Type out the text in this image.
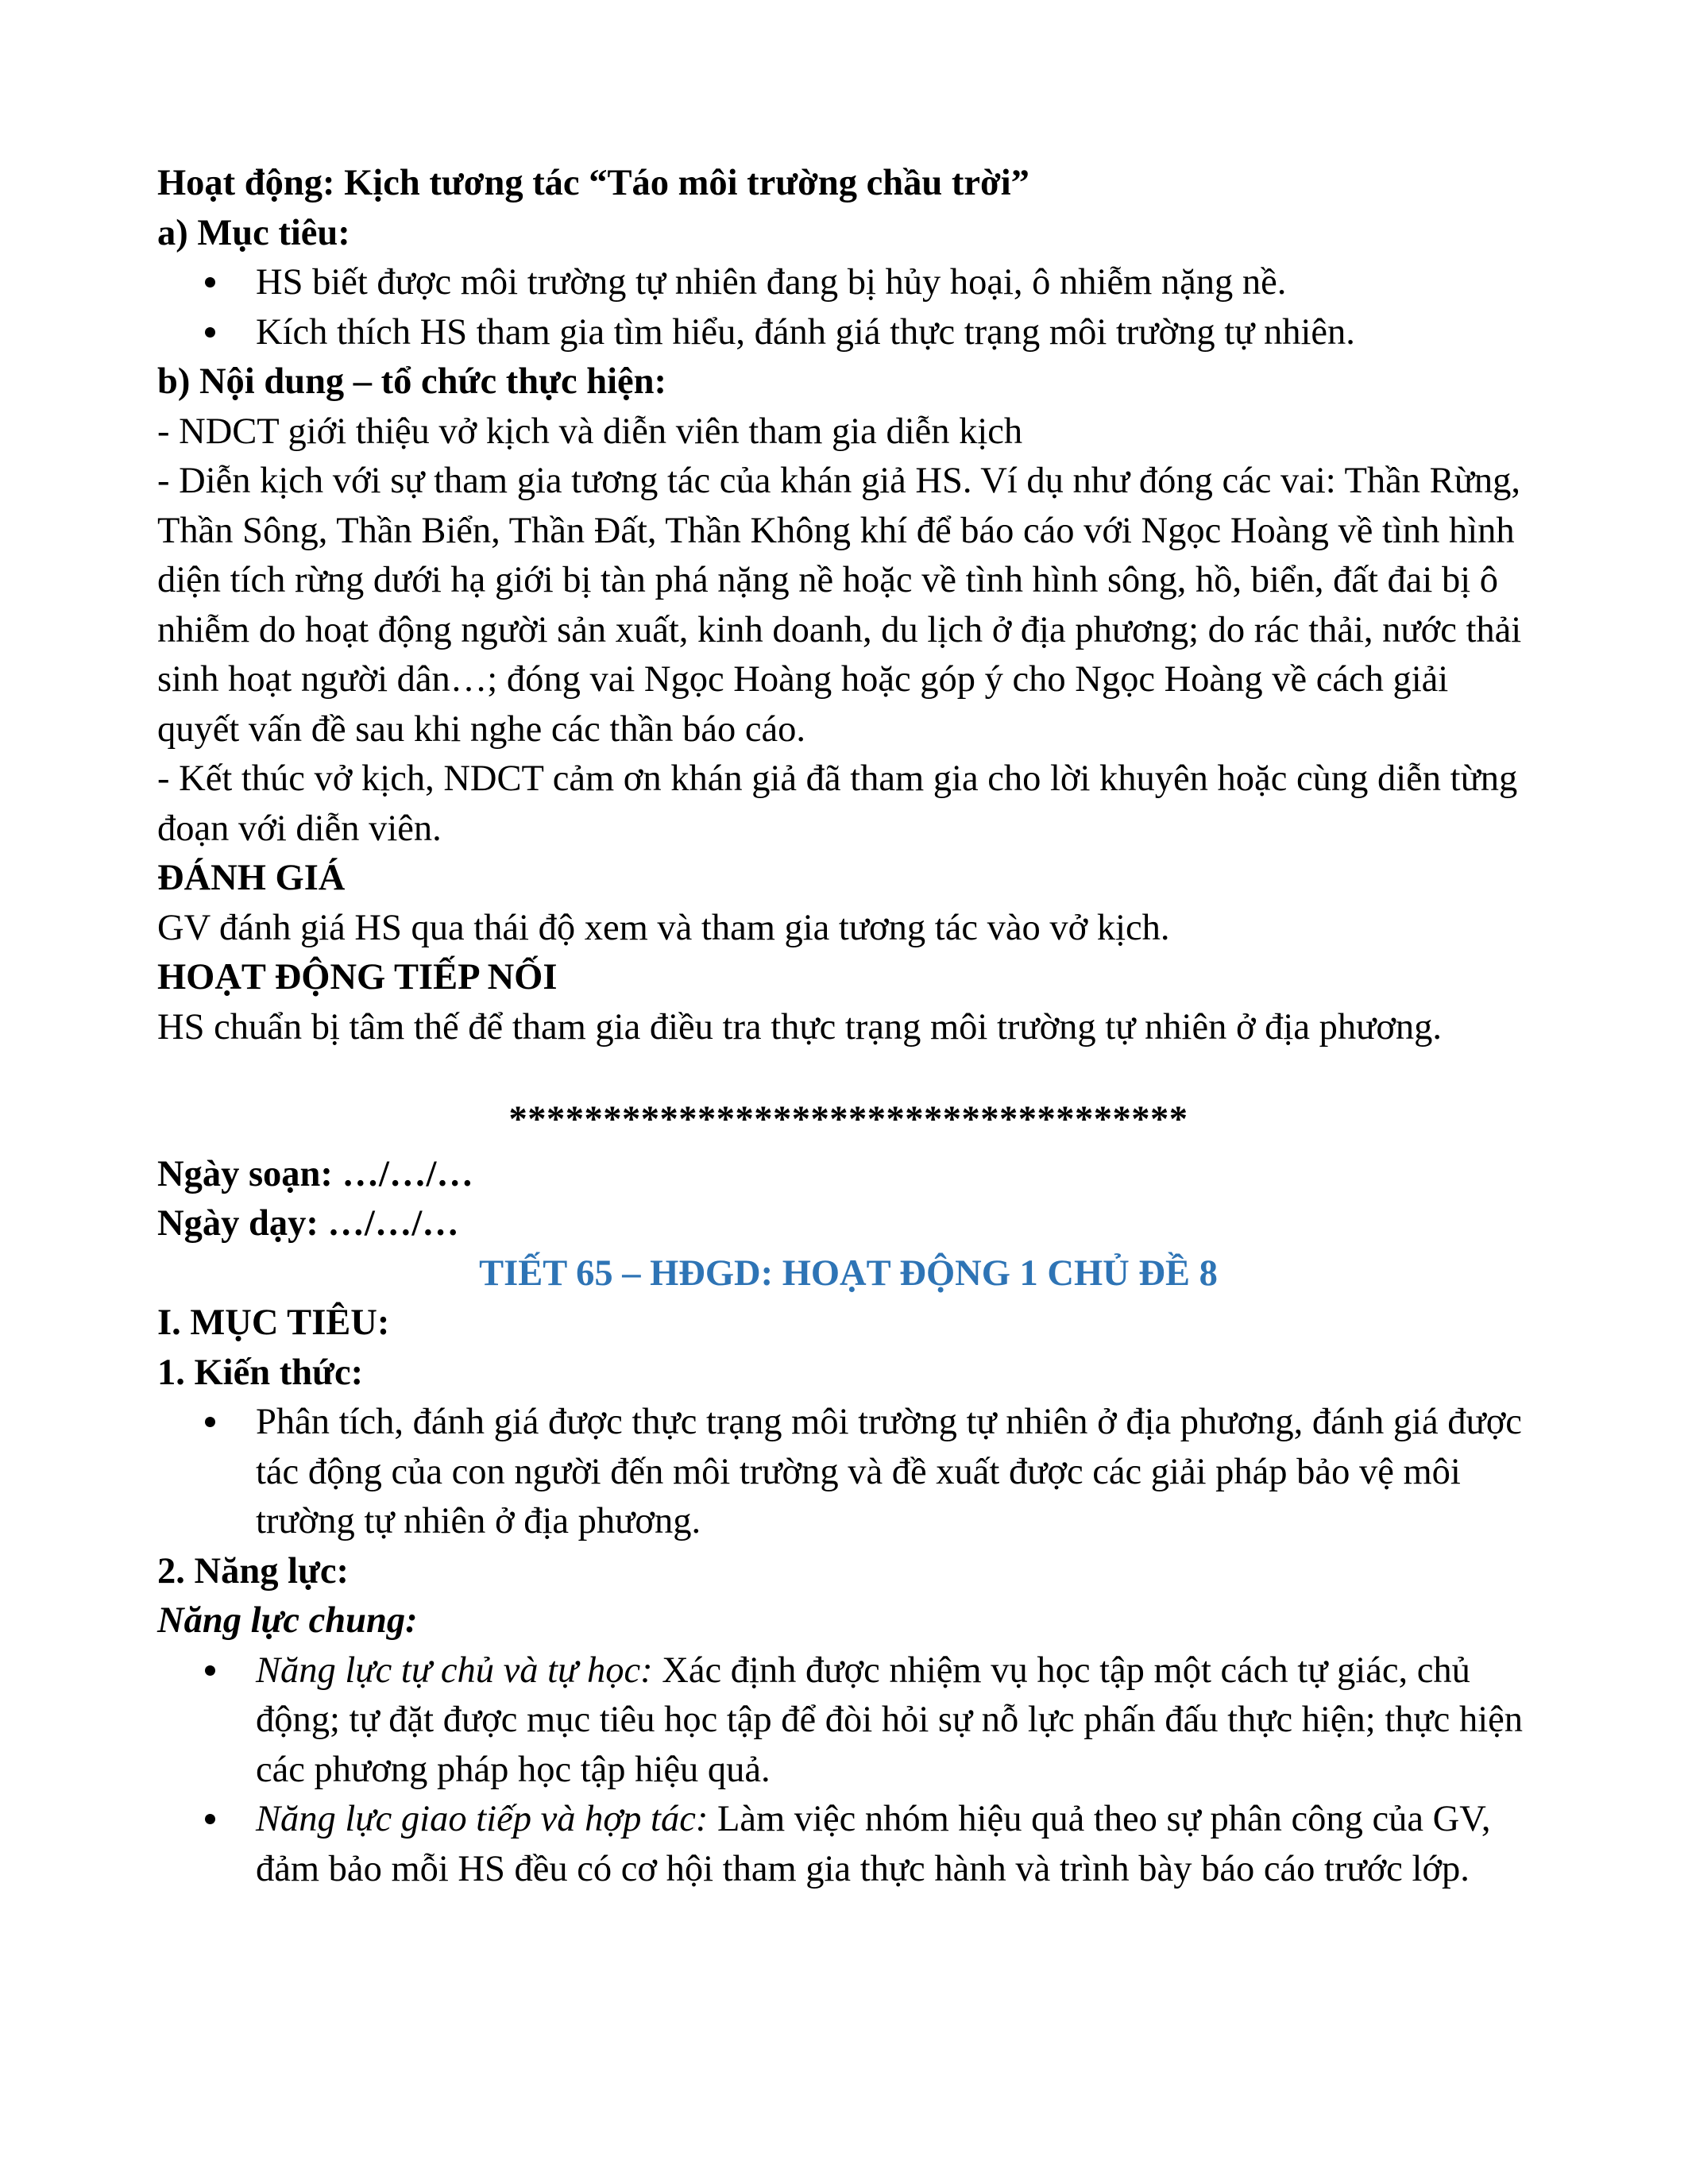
Hoạt động: Kịch tương tác “Táo môi trường chầu trời”

a) Mục tiêu:

HS biết được môi trường tự nhiên đang bị hủy hoại, ô nhiễm nặng nề.
Kích thích HS tham gia tìm hiểu, đánh giá thực trạng môi trường tự nhiên.

b) Nội dung – tổ chức thực hiện:

- NDCT giới thiệu vở kịch và diễn viên tham gia diễn kịch

- Diễn kịch với sự tham gia tương tác của khán giả HS. Ví dụ như đóng các vai: Thần Rừng, Thần Sông, Thần Biển, Thần Đất, Thần Không khí để báo cáo với Ngọc Hoàng về tình hình diện tích rừng dưới hạ giới bị tàn phá nặng nề hoặc về tình hình sông, hồ, biển, đất đai bị ô nhiễm do hoạt động người sản xuất, kinh doanh, du lịch ở địa phương; do rác thải, nước thải sinh hoạt người dân…; đóng vai Ngọc Hoàng hoặc góp ý cho Ngọc Hoàng về cách giải quyết vấn đề sau khi nghe các thần báo cáo.

- Kết thúc vở kịch, NDCT cảm ơn khán giả đã tham gia cho lời khuyên hoặc cùng diễn từng đoạn với diễn viên.

ĐÁNH GIÁ

GV đánh giá HS qua thái độ xem và tham gia tương tác vào vở kịch.

HOẠT ĐỘNG TIẾP NỐI

HS chuẩn bị tâm thế để tham gia điều tra thực trạng môi trường tự nhiên ở địa phương.

************************************

Ngày soạn: …/…/…

Ngày dạy: …/…/…

TIẾT 65 – HĐGD: HOẠT ĐỘNG 1 CHỦ ĐỀ 8

I. MỤC TIÊU:

1. Kiến thức:

Phân tích, đánh giá được thực trạng môi trường tự nhiên ở địa phương, đánh giá được tác động của con người đến môi trường và đề xuất được các giải pháp bảo vệ môi trường tự nhiên ở địa phương.

2. Năng lực:

Năng lực chung:

Năng lực tự chủ và tự học: Xác định được nhiệm vụ học tập một cách tự giác, chủ động; tự đặt được mục tiêu học tập để đòi hỏi sự nỗ lực phấn đấu thực hiện; thực hiện các phương pháp học tập hiệu quả.
Năng lực giao tiếp và hợp tác: Làm việc nhóm hiệu quả theo sự phân công của GV, đảm bảo mỗi HS đều có cơ hội tham gia thực hành và trình bày báo cáo trước lớp.
